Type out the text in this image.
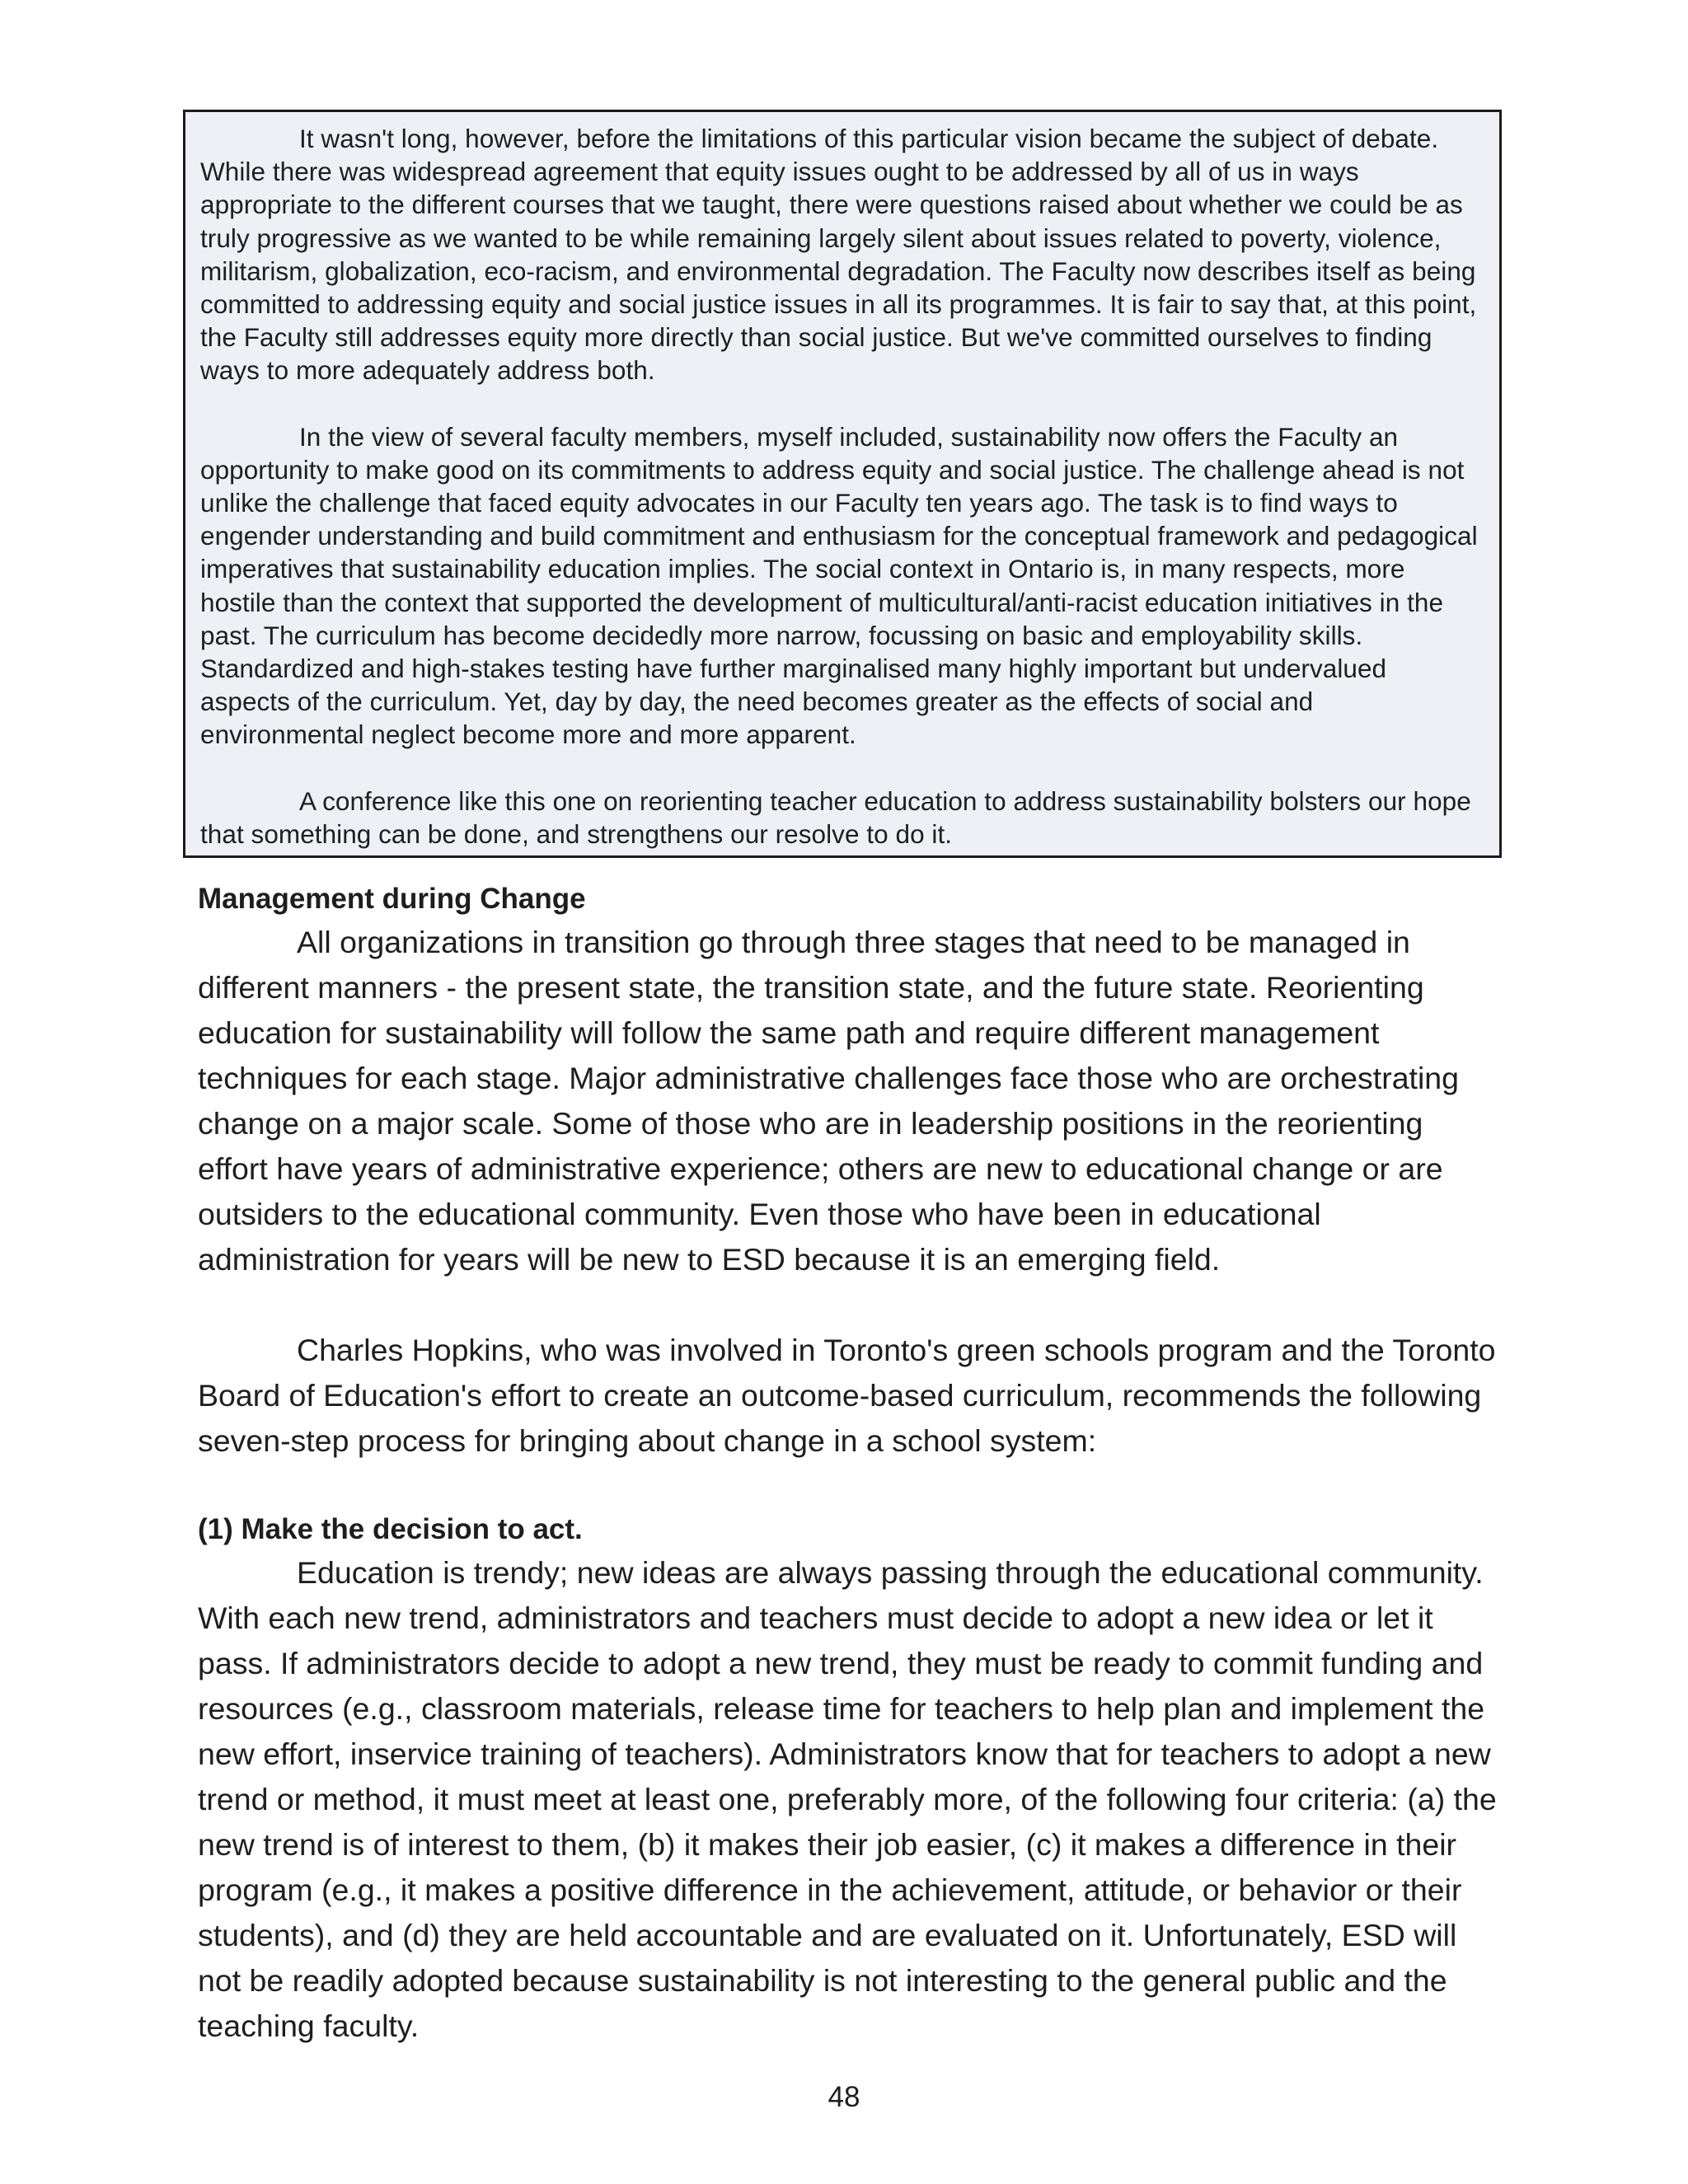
It wasn't long, however, before the limitations of this particular vision became the subject of debate. While there was widespread agreement that equity issues ought to be addressed by all of us in ways appropriate to the different courses that we taught, there were questions raised about whether we could be as truly progressive as we wanted to be while remaining largely silent about issues related to poverty, violence, militarism, globalization, eco-racism, and environmental degradation. The Faculty now describes itself as being committed to addressing equity and social justice issues in all its programmes. It is fair to say that, at this point, the Faculty still addresses equity more directly than social justice. But we've committed ourselves to finding ways to more adequately address both.

In the view of several faculty members, myself included, sustainability now offers the Faculty an opportunity to make good on its commitments to address equity and social justice. The challenge ahead is not unlike the challenge that faced equity advocates in our Faculty ten years ago. The task is to find ways to engender understanding and build commitment and enthusiasm for the conceptual framework and pedagogical imperatives that sustainability education implies. The social context in Ontario is, in many respects, more hostile than the context that supported the development of multicultural/anti-racist education initiatives in the past. The curriculum has become decidedly more narrow, focussing on basic and employability skills. Standardized and high-stakes testing have further marginalised many highly important but undervalued aspects of the curriculum. Yet, day by day, the need becomes greater as the effects of social and environmental neglect become more and more apparent.

A conference like this one on reorienting teacher education to address sustainability bolsters our hope that something can be done, and strengthens our resolve to do it.

Management during Change

All organizations in transition go through three stages that need to be managed in different manners - the present state, the transition state, and the future state. Reorienting education for sustainability will follow the same path and require different management techniques for each stage. Major administrative challenges face those who are orchestrating change on a major scale. Some of those who are in leadership positions in the reorienting effort have years of administrative experience; others are new to educational change or are outsiders to the educational community. Even those who have been in educational administration for years will be new to ESD because it is an emerging field.

Charles Hopkins, who was involved in Toronto's green schools program and the Toronto Board of Education's effort to create an outcome-based curriculum, recommends the following seven-step process for bringing about change in a school system:

(1) Make the decision to act.

Education is trendy; new ideas are always passing through the educational community. With each new trend, administrators and teachers must decide to adopt a new idea or let it pass. If administrators decide to adopt a new trend, they must be ready to commit funding and resources (e.g., classroom materials, release time for teachers to help plan and implement the new effort, inservice training of teachers). Administrators know that for teachers to adopt a new trend or method, it must meet at least one, preferably more, of the following four criteria: (a) the new trend is of interest to them, (b) it makes their job easier, (c) it makes a difference in their program (e.g., it makes a positive difference in the achievement, attitude, or behavior or their students), and (d) they are held accountable and are evaluated on it. Unfortunately, ESD will not be readily adopted because sustainability is not interesting to the general public and the teaching faculty.

48
